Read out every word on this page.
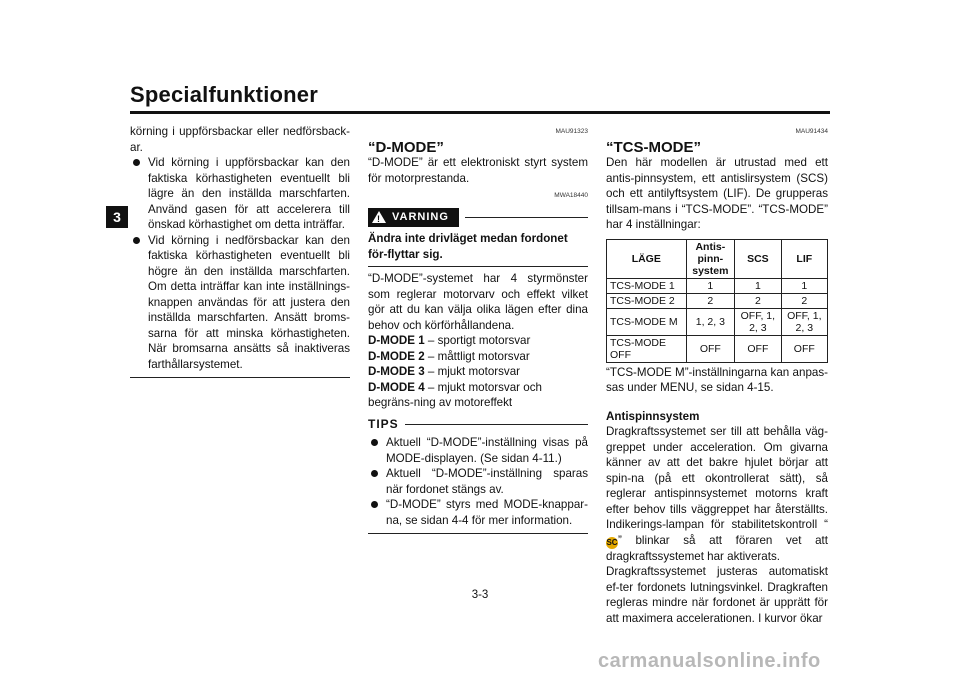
Specialfunktioner
3

körning i uppförsbackar eller nedförsback-ar.

Vid körning i uppförsbackar kan den faktiska körhastigheten eventuellt bli lägre än den inställda marschfarten. Använd gasen för att accelerera till önskad körhastighet om detta inträffar.
Vid körning i nedförsbackar kan den faktiska körhastigheten eventuellt bli högre än den inställda marschfarten. Om detta inträffar kan inte inställnings-knappen användas för att justera den inställda marschfarten. Ansätt broms-sarna för att minska körhastigheten. När bromsarna ansätts så inaktiveras farthållarsystemet.
MAU91323

“D-MODE”

“D-MODE” är ett elektroniskt styrt system för motorprestanda.

MWA18440
! VARNING

Ändra inte drivläget medan fordonet för-flyttar sig.

“D-MODE”-systemet har 4 styrmönster som reglerar motorvarv och effekt vilket gör att du kan välja olika lägen efter dina behov och körförhållandena.

D-MODE 1 – sportigt motorsvar
D-MODE 2 – måttligt motorsvar
D-MODE 3 – mjukt motorsvar
D-MODE 4 – mjukt motorsvar och begräns-ning av motoreffekt
TIPS
Aktuell “D-MODE”-inställning visas på MODE-displayen. (Se sidan 4-11.)
Aktuell “D-MODE”-inställning sparas när fordonet stängs av.
“D-MODE” styrs med MODE-knappar-na, se sidan 4-4 för mer information.
MAU91434

“TCS-MODE”

Den här modellen är utrustad med ett antis-pinnsystem, ett antislirsystem (SCS) och ett antilyftsystem (LIF). De grupperas tillsam-mans i “TCS-MODE”. “TCS-MODE” har 4 inställningar:

LÄGE	Antis-pinn-system	SCS	LIF
TCS-MODE 1	1	1	1
TCS-MODE 2	2	2	2
TCS-MODE M	1, 2, 3	OFF, 1, 2, 3	OFF, 1, 2, 3
TCS-MODE OFF	OFF	OFF	OFF

“TCS-MODE M”-inställningarna kan anpas-sas under MENU, se sidan 4-15.

Antispinnsystem

Dragkraftssystemet ser till att behålla väg-greppet under acceleration. Om givarna känner av att det bakre hjulet börjar att spin-na (på ett okontrollerat sätt), så reglerar antispinnsystemet motorns kraft efter behov tills väggreppet har återställts. Indikerings-lampan för stabilitetskontroll “SC” blinkar så att föraren vet att dragkraftssystemet har aktiverats.

Dragkraftssystemet justeras automatiskt ef-ter fordonets lutningsvinkel. Dragkraften regleras mindre när fordonet är upprätt för att maximera accelerationen. I kurvor ökar

3-3
carmanualsonline.info
